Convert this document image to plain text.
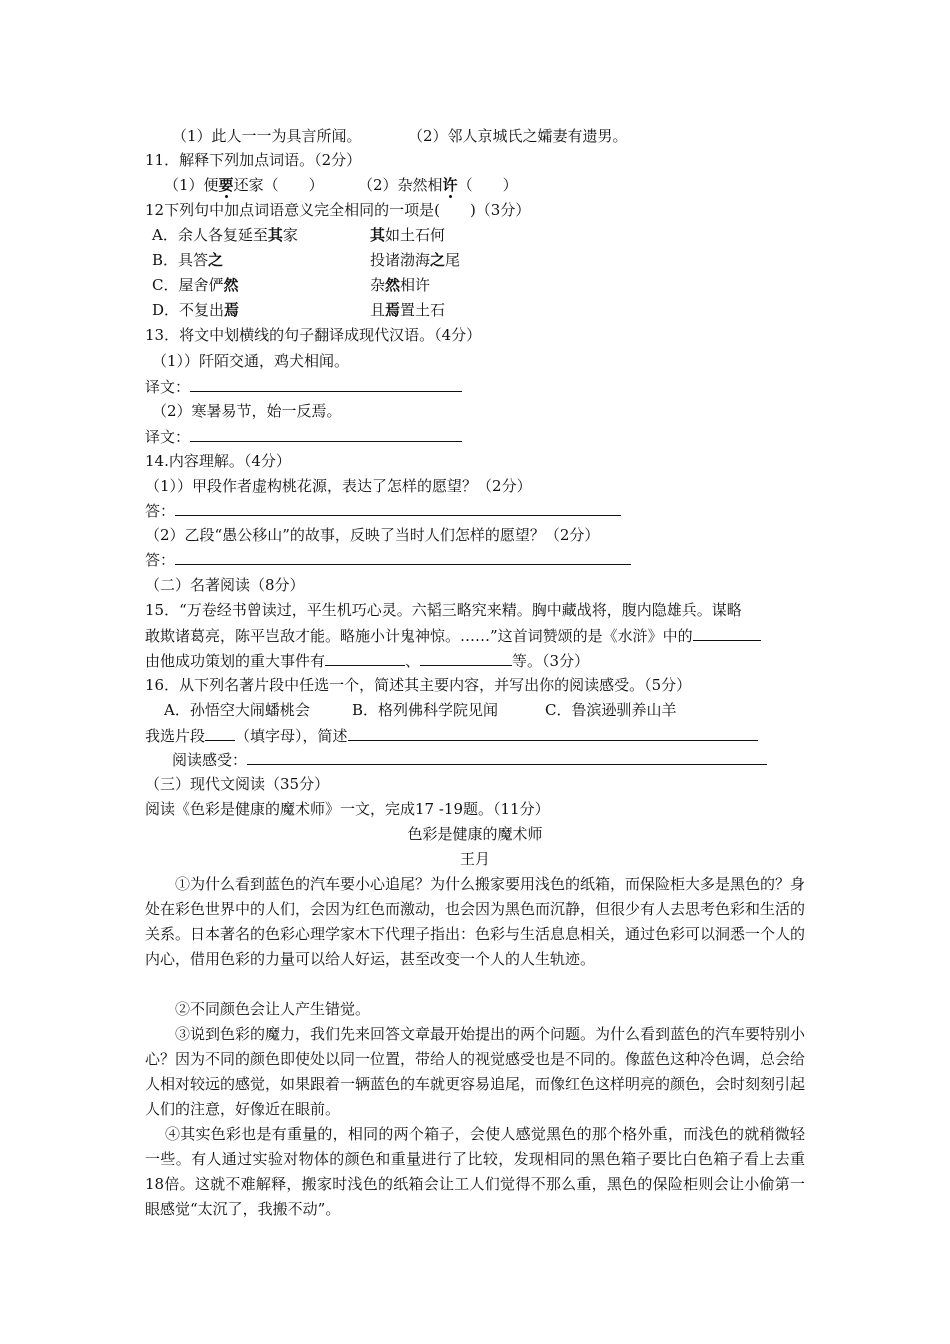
（1）此人一一为具言所闻。	（2）邻人京城氏之孀妻有遗男。
11．解释下列加点词语。（2分）
（1）便要还家（　　） （2）杂然相许（　　）
12下列句中加点词语意义完全相同的一项是(　　)（3分）
A．余人各复延至其家	其如土石何
B．具答之	投诸渤海之尾
C．屋舍俨然	杂然相许
D．不复出焉	且焉置土石
13．将文中划横线的句子翻译成现代汉语。（4分）
（1））阡陌交通，鸡犬相闻。
译文：
（2）寒暑易节，始一反焉。
译文：
14.内容理解。（4分）
（1））甲段作者虚构桃花源，表达了怎样的愿望？（2分）
答：
（2）乙段“愚公移山”的故事，反映了当时人们怎样的愿望？（2分）
答：
（二）名著阅读（8分）
15．“万卷经书曾读过，平生机巧心灵。六韬三略究来精。胸中藏战将，腹内隐雄兵。谋略
敢欺诸葛亮，陈平岂敌才能。略施小计鬼神惊。……”这首词赞颂的是《水浒》中的
由他成功策划的重大事件有	、	等。（3分）
16．从下列名著片段中任选一个，简述其主要内容，并写出你的阅读感受。（5分）
A．孙悟空大闹蟠桃会	B．格列佛科学院见闻	C．鲁滨逊驯养山羊
我选片段 （填字母），简述
阅读感受：
（三）现代文阅读（35分）
阅读《色彩是健康的魔术师》一文，完成17 -19题。（11分）
色彩是健康的魔术师
王月
①为什么看到蓝色的汽车要小心追尾？为什么搬家要用浅色的纸箱，而保险柜大多是黑色的？身处在彩色世界中的人们，会因为红色而激动，也会因为黑色而沉静，但很少有人去思考色彩和生活的关系。日本著名的色彩心理学家木下代理子指出：色彩与生活息息相关，通过色彩可以洞悉一个人的内心，借用色彩的力量可以给人好运，甚至改变一个人的人生轨迹。
②不同颜色会让人产生错觉。
③说到色彩的魔力，我们先来回答文章最开始提出的两个问题。为什么看到蓝色的汽车要特别小心？因为不同的颜色即使处以同一位置，带给人的视觉感受也是不同的。像蓝色这种冷色调，总会给人相对较远的感觉，如果跟着一辆蓝色的车就更容易追尾，而像红色这样明亮的颜色，会时刻刻引起人们的注意，好像近在眼前。
④其实色彩也是有重量的，相同的两个箱子，会使人感觉黑色的那个格外重，而浅色的就稍微轻一些。有人通过实验对物体的颜色和重量进行了比较，发现相同的黑色箱子要比白色箱子看上去重18倍。这就不难解释，搬家时浅色的纸箱会让工人们觉得不那么重，黑色的保险柜则会让小偷第一眼感觉“太沉了，我搬不动”。
